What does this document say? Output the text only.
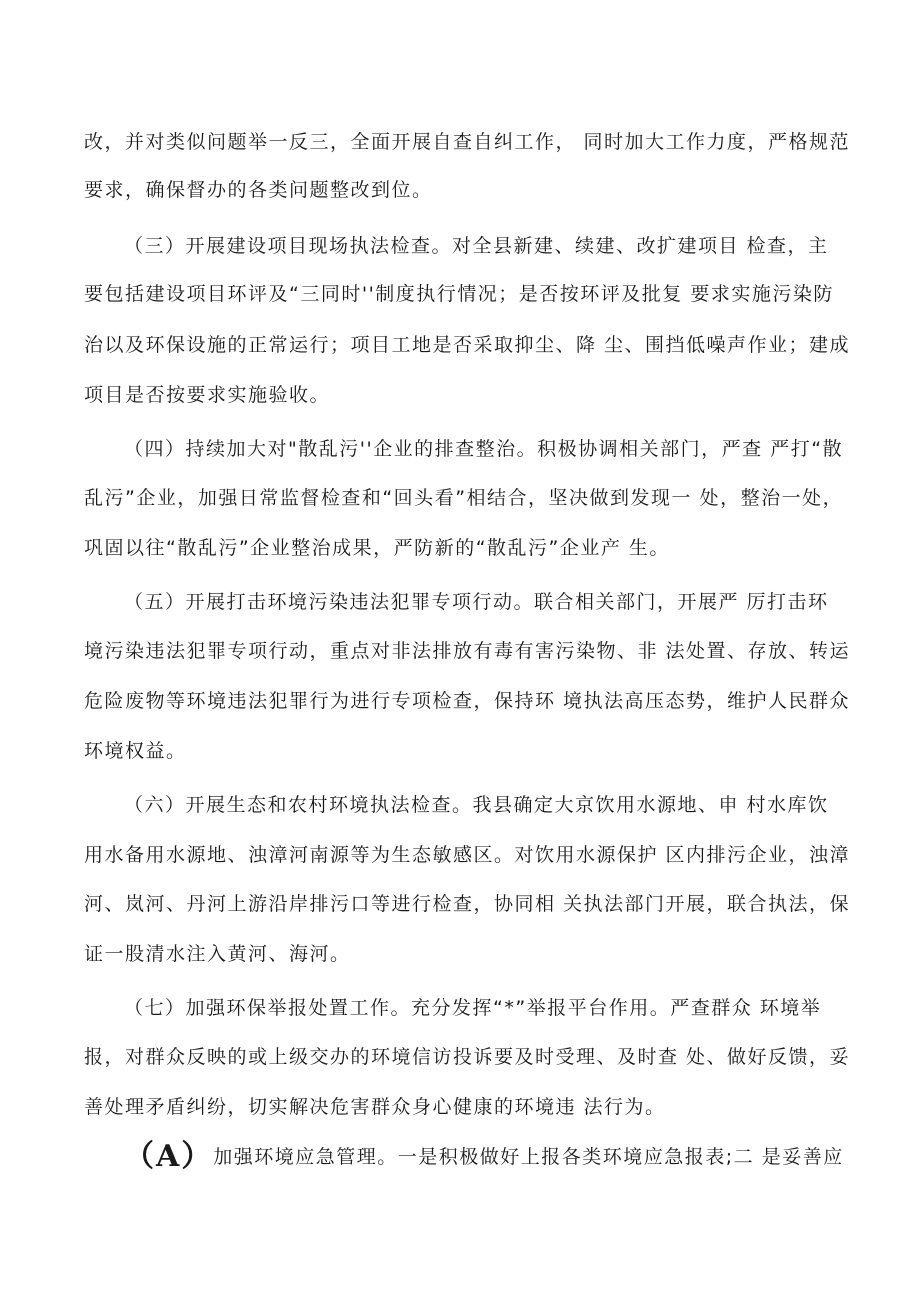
改，并对类似问题举一反三，全面开展自查自纠工作， 同时加大工作力度，严格规范
要求，确保督办的各类问题整改到位。
（三）开展建设项目现场执法检查。对全县新建、续建、改扩建项目 检查，主
要包括建设项目环评及“三同时''制度执行情况；是否按环评及批复 要求实施污染防
治以及环保设施的正常运行；项目工地是否采取抑尘、降 尘、围挡低噪声作业；建成
项目是否按要求实施验收。
（四）持续加大对"散乱污''企业的排查整治。积极协调相关部门，严查 严打“散
乱污”企业，加强日常监督检查和“回头看”相结合，坚决做到发现一 处，整治一处，
巩固以往“散乱污”企业整治成果，严防新的“散乱污”企业产 生。
（五）开展打击环境污染违法犯罪专项行动。联合相关部门，开展严 厉打击环
境污染违法犯罪专项行动，重点对非法排放有毒有害污染物、非 法处置、存放、转运
危险废物等环境违法犯罪行为进行专项检查，保持环 境执法高压态势，维护人民群众
环境权益。
（六）开展生态和农村环境执法检查。我县确定大京饮用水源地、申 村水库饮
用水备用水源地、浊漳河南源等为生态敏感区。对饮用水源保护 区内排污企业，浊漳
河、岚河、丹河上游沿岸排污口等进行检查，协同相 关执法部门开展，联合执法，保
证一股清水注入黄河、海河。
（七）加强环保举报处置工作。充分发挥“*”举报平台作用。严查群众 环境举
报，对群众反映的或上级交办的环境信访投诉要及时受理、及时查 处、做好反馈，妥
善处理矛盾纠纷，切实解决危害群众身心健康的环境违 法行为。
（A）加强环境应急管理。一是积极做好上报各类环境应急报表;二 是妥善应
